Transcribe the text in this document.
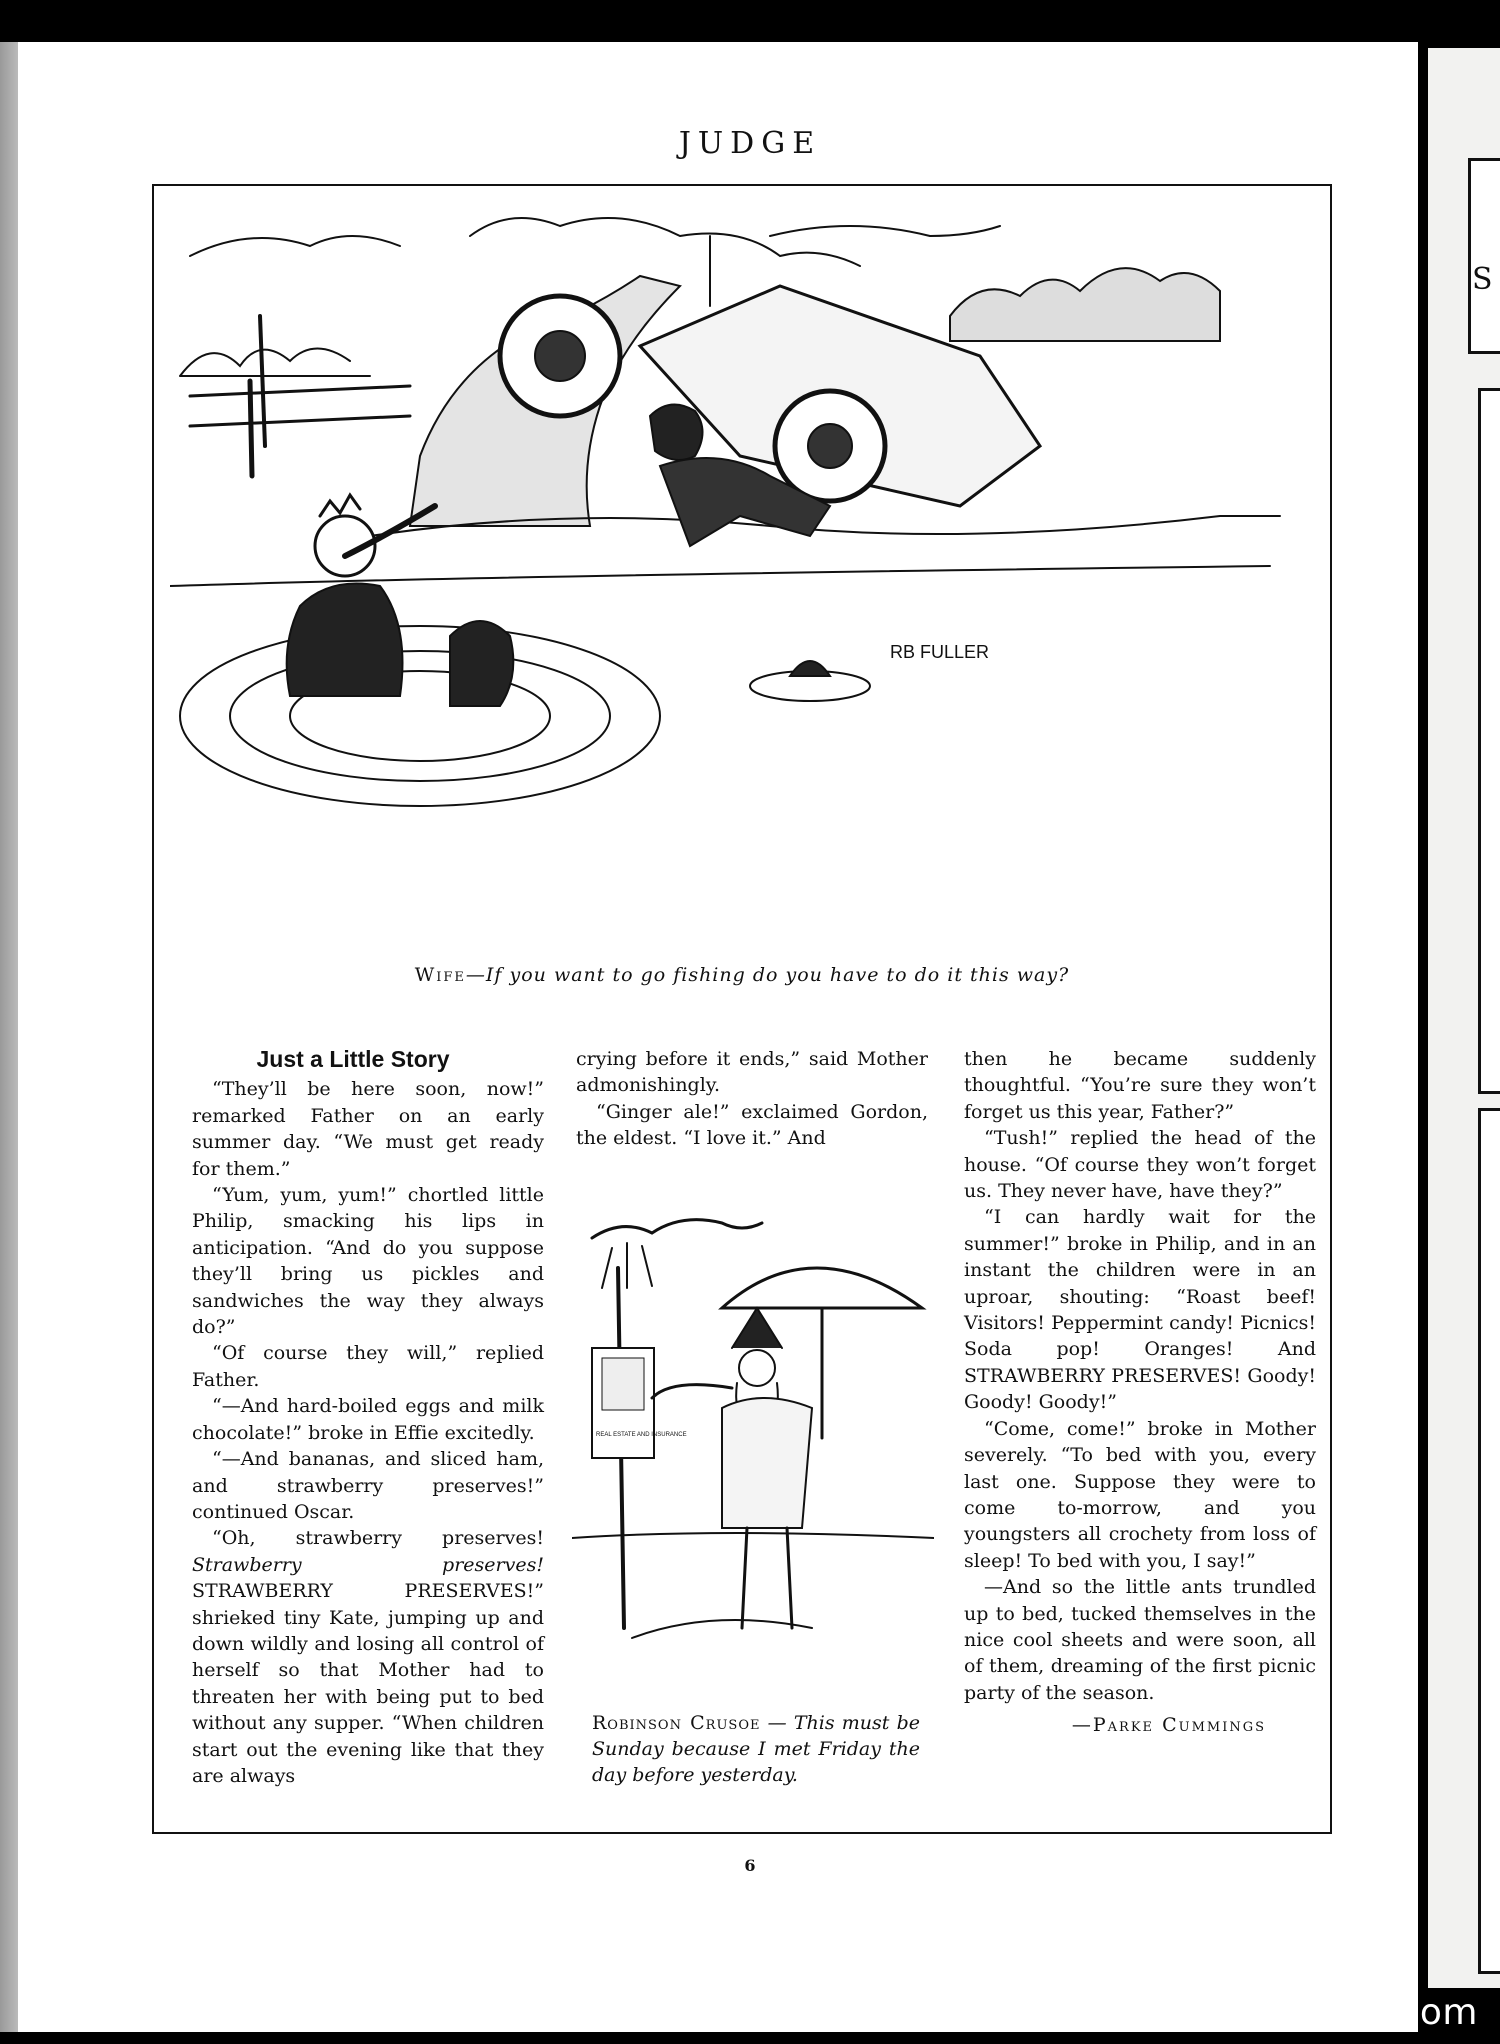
S
JUDGE
RB FULLER
Wife—If you want to go fishing do you have to do it this way?

Just a Little Story

“They’ll be here soon, now!” remarked Father on an early summer day. “We must get ready for them.”

“Yum, yum, yum!” chortled little Philip, smacking his lips in anticipation. “And do you suppose they’ll bring us pickles and sandwiches the way they always do?”

“Of course they will,” replied Father.

“—And hard-boiled eggs and milk chocolate!” broke in Effie excitedly.

“—And bananas, and sliced ham, and strawberry preserves!” continued Oscar.

“Oh, strawberry preserves! Strawberry preserves! STRAWBERRY PRESERVES!” shrieked tiny Kate, jumping up and down wildly and losing all control of herself so that Mother had to threaten her with being put to bed without any supper. “When children start out the evening like that they are always

crying before it ends,” said Mother admonishingly.

“Ginger ale!” exclaimed Gordon, the eldest. “I love it.” And

REAL ESTATE AND INSURANCE
Robinson Crusoe — This must be Sunday because I met Friday the day before yesterday.

then he became suddenly thoughtful. “You’re sure they won’t forget us this year, Father?”

“Tush!” replied the head of the house. “Of course they won’t forget us. They never have, have they?”

“I can hardly wait for the summer!” broke in Philip, and in an instant the children were in an uproar, shouting: “Roast beef! Visitors! Peppermint candy! Picnics! Soda pop! Oranges! And STRAWBERRY PRESERVES! Goody! Goody! Goody!”

“Come, come!” broke in Mother severely. “To bed with you, every last one. Suppose they were to come to-morrow, and you youngsters all crochety from loss of sleep! To bed with you, I say!”

—And so the little ants trundled up to bed, tucked themselves in the nice cool sheets and were soon, all of them, dreaming of the first picnic party of the season.

—Parke Cummings

6
comicbooks.com
